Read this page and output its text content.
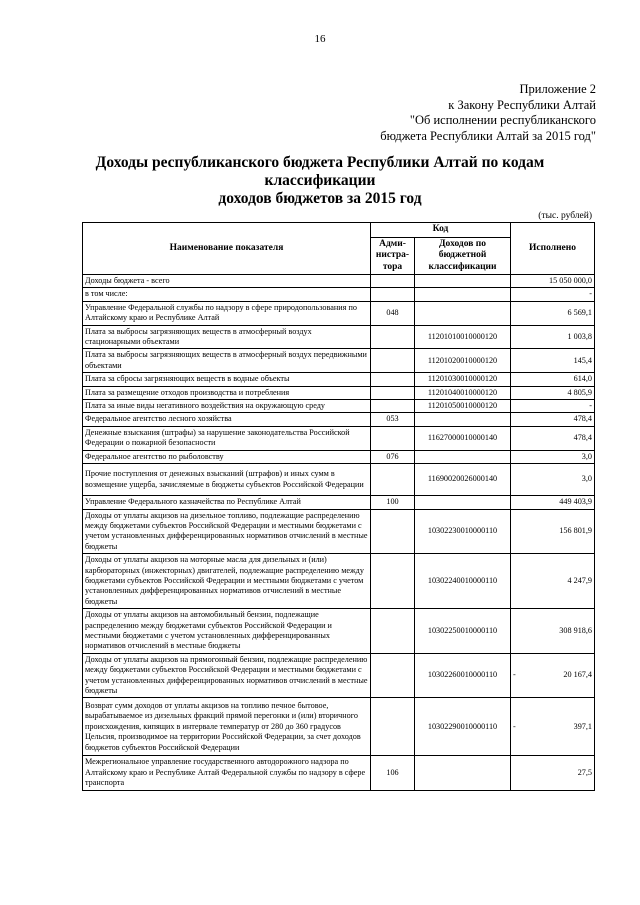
16
Приложение 2
к Закону Республики Алтай
"Об исполнении республиканского
бюджета Республики Алтай за 2015 год"
Доходы республиканского бюджета Республики Алтай по кодам классификации
доходов бюджетов за 2015 год
(тыс. рублей)
Наименование показателя	Код		Исполнено
	Адми-нистра-тора	Доходов по бюджетной классификации	
Доходы бюджета - всего			15 050 000,0
в том числе:			-
Управление Федеральной службы по надзору в сфере природопользования по Алтайскому краю и Республике Алтай	048		6 569,1
Плата за выбросы загрязняющих веществ в атмосферный воздух стационарными объектами		11201010010000120	1 003,8
Плата за выбросы загрязняющих веществ в атмосферный воздух передвижными объектами		11201020010000120	145,4
Плата за сбросы загрязняющих веществ в водные объекты		11201030010000120	614,0
Плата за размещение отходов производства и потребления		11201040010000120	4 805,9
Плата за иные виды негативного воздействия на окружающую среду		11201050010000120	-
Федеральное агентство лесного хозяйства	053		478,4
Денежные взыскания (штрафы) за нарушение законодательства Российской Федерации о пожарной безопасности		11627000010000140	478,4
Федеральное агентство по рыболовству	076		3,0
Прочие поступления от денежных взысканий (штрафов) и иных сумм в возмещение ущерба, зачисляемые в бюджеты субъектов Российской Федерации		11690020026000140	3,0
Управление Федерального казначейства по Республике Алтай	100		449 403,9
Доходы от уплаты акцизов на дизельное топливо, подлежащие распределению между бюджетами субъектов Российской Федерации и местными бюджетами с учетом установленных дифференцированных нормативов отчислений в местные бюджеты		10302230010000110	156 801,9
Доходы от уплаты акцизов на моторные масла для дизельных и (или) карбюраторных (инжекторных) двигателей, подлежащие распределению между бюджетами субъектов Российской Федерации и местными бюджетами с учетом установленных дифференцированных нормативов отчислений в местные бюджеты		10302240010000110	4 247,9
Доходы от уплаты акцизов на автомобильный бензин, подлежащие распределению между бюджетами субъектов Российской Федерации и местными бюджетами с учетом установленных дифференцированных нормативов отчислений в местные бюджеты		10302250010000110	308 918,6
Доходы от уплаты акцизов на прямогонный бензин, подлежащие распределению между бюджетами субъектов Российской Федерации и местными бюджетами с учетом установленных дифференцированных нормативов отчислений в местные бюджеты		10302260010000110	- 20 167,4
Возврат сумм доходов от уплаты акцизов на топливо печное бытовое, вырабатываемое из дизельных фракций прямой перегонки и (или) вторичного происхождения, кипящих в интервале температур от 280 до 360 градусов Цельсия, производимое на территории Российской Федерации, за счет доходов бюджетов субъектов Российской Федерации		10302290010000110	- 397,1
Межрегиональное управление государственного автодорожного надзора по Алтайскому краю и Республике Алтай Федеральной службы по надзору в сфере транспорта	106		27,5
